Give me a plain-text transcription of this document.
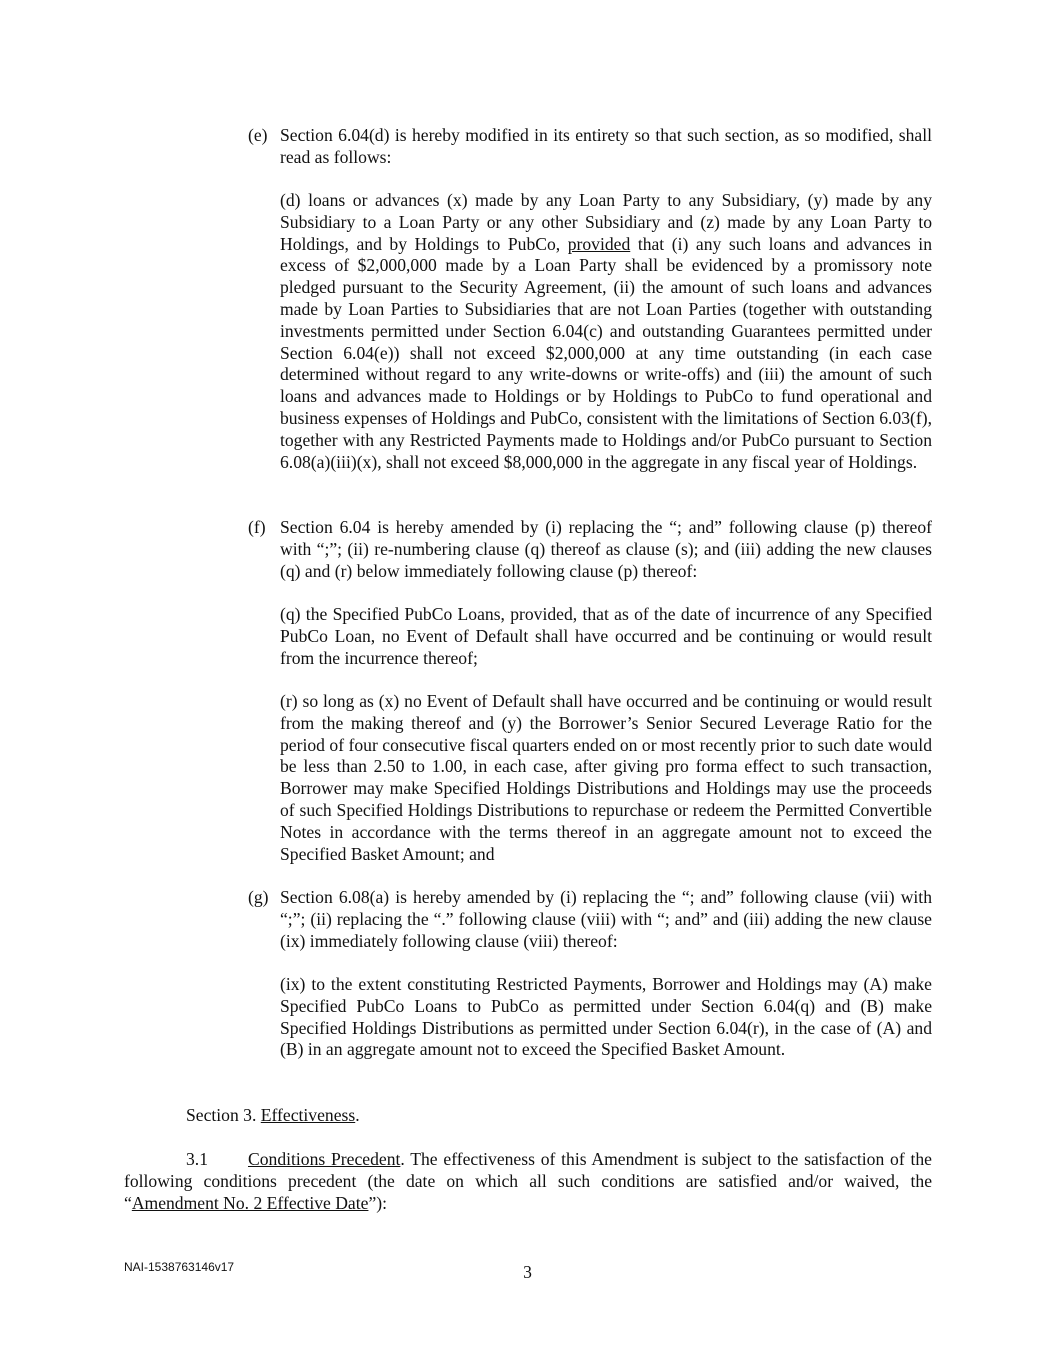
(e) Section 6.04(d) is hereby modified in its entirety so that such section, as so modified, shall read as follows:

(d) loans or advances (x) made by any Loan Party to any Subsidiary, (y) made by any Subsidiary to a Loan Party or any other Subsidiary and (z) made by any Loan Party to Holdings, and by Holdings to PubCo, provided that (i) any such loans and advances in excess of $2,000,000 made by a Loan Party shall be evidenced by a promissory note pledged pursuant to the Security Agreement, (ii) the amount of such loans and advances made by Loan Parties to Subsidiaries that are not Loan Parties (together with outstanding investments permitted under Section 6.04(c) and outstanding Guarantees permitted under Section 6.04(e)) shall not exceed $2,000,000 at any time outstanding (in each case determined without regard to any write-downs or write-offs) and (iii) the amount of such loans and advances made to Holdings or by Holdings to PubCo to fund operational and business expenses of Holdings and PubCo, consistent with the limitations of Section 6.03(f), together with any Restricted Payments made to Holdings and/or PubCo pursuant to Section 6.08(a)(iii)(x), shall not exceed $8,000,000 in the aggregate in any fiscal year of Holdings.

(f) Section 6.04 is hereby amended by (i) replacing the “; and” following clause (p) thereof with “;”; (ii) re-numbering clause (q) thereof as clause (s); and (iii) adding the new clauses (q) and (r) below immediately following clause (p) thereof:

(q) the Specified PubCo Loans, provided, that as of the date of incurrence of any Specified PubCo Loan, no Event of Default shall have occurred and be continuing or would result from the incurrence thereof;

(r) so long as (x) no Event of Default shall have occurred and be continuing or would result from the making thereof and (y) the Borrower’s Senior Secured Leverage Ratio for the period of four consecutive fiscal quarters ended on or most recently prior to such date would be less than 2.50 to 1.00, in each case, after giving pro forma effect to such transaction, Borrower may make Specified Holdings Distributions and Holdings may use the proceeds of such Specified Holdings Distributions to repurchase or redeem the Permitted Convertible Notes in accordance with the terms thereof in an aggregate amount not to exceed the Specified Basket Amount; and

(g) Section 6.08(a) is hereby amended by (i) replacing the “; and” following clause (vii) with “;”; (ii) replacing the “.” following clause (viii) with “; and” and (iii) adding the new clause (ix) immediately following clause (viii) thereof:

(ix) to the extent constituting Restricted Payments, Borrower and Holdings may (A) make Specified PubCo Loans to PubCo as permitted under Section 6.04(q) and (B) make Specified Holdings Distributions as permitted under Section 6.04(r), in the case of (A) and (B) in an aggregate amount not to exceed the Specified Basket Amount.

Section 3. Effectiveness.

3.1 Conditions Precedent. The effectiveness of this Amendment is subject to the satisfaction of the following conditions precedent (the date on which all such conditions are satisfied and/or waived, the “Amendment No. 2 Effective Date”):

NAI-1538763146v17	3
